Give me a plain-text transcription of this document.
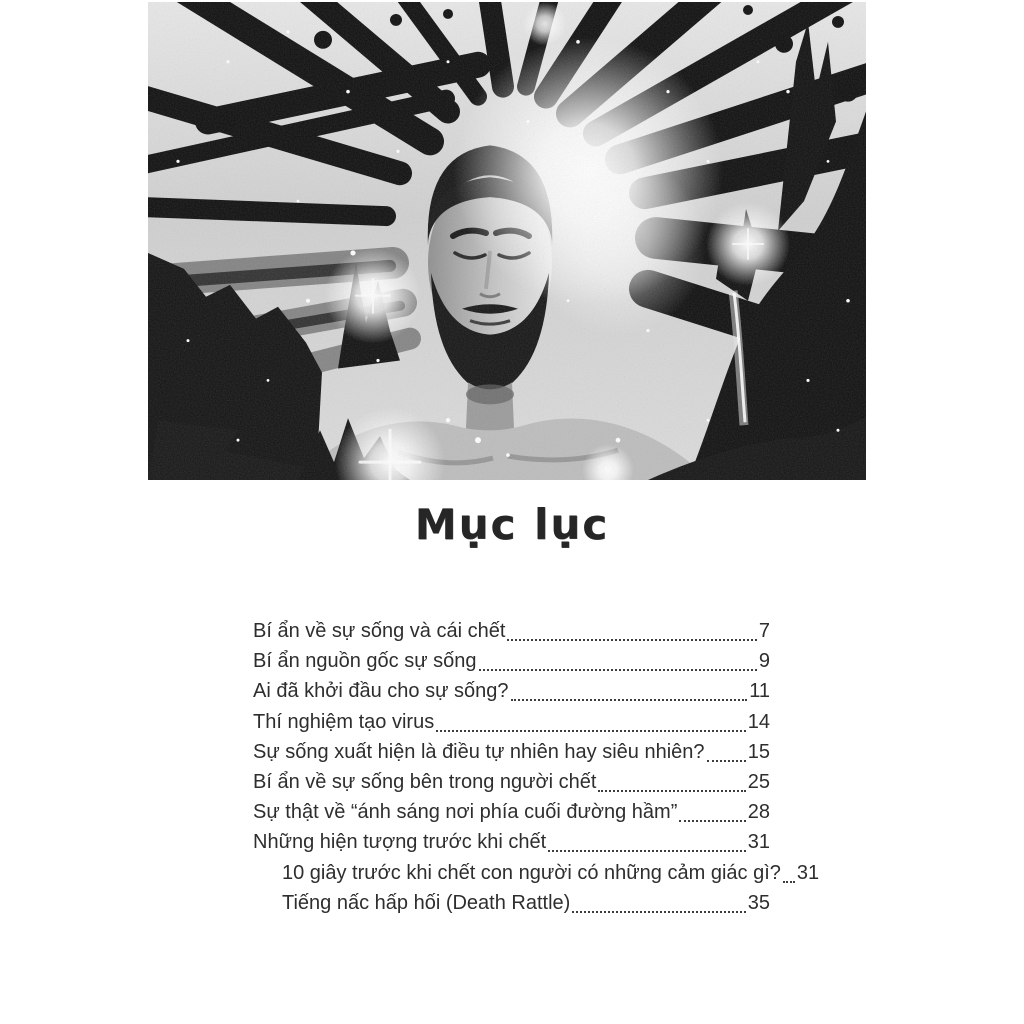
Mục lục
Bí ẩn về sự sống và cái chết	7
Bí ẩn nguồn gốc sự sống	9
Ai đã khởi đầu cho sự sống?	11
Thí nghiệm tạo virus	14
Sự sống xuất hiện là điều tự nhiên hay siêu nhiên? 15
Bí ẩn về sự sống bên trong người chết	25
Sự thật về “ánh sáng nơi phía cuối đường hầm”	28
Những hiện tượng trước khi chết	31
10 giây trước khi chết con người có những cảm giác gì? 31
Tiếng nấc hấp hối (Death Rattle)	35
